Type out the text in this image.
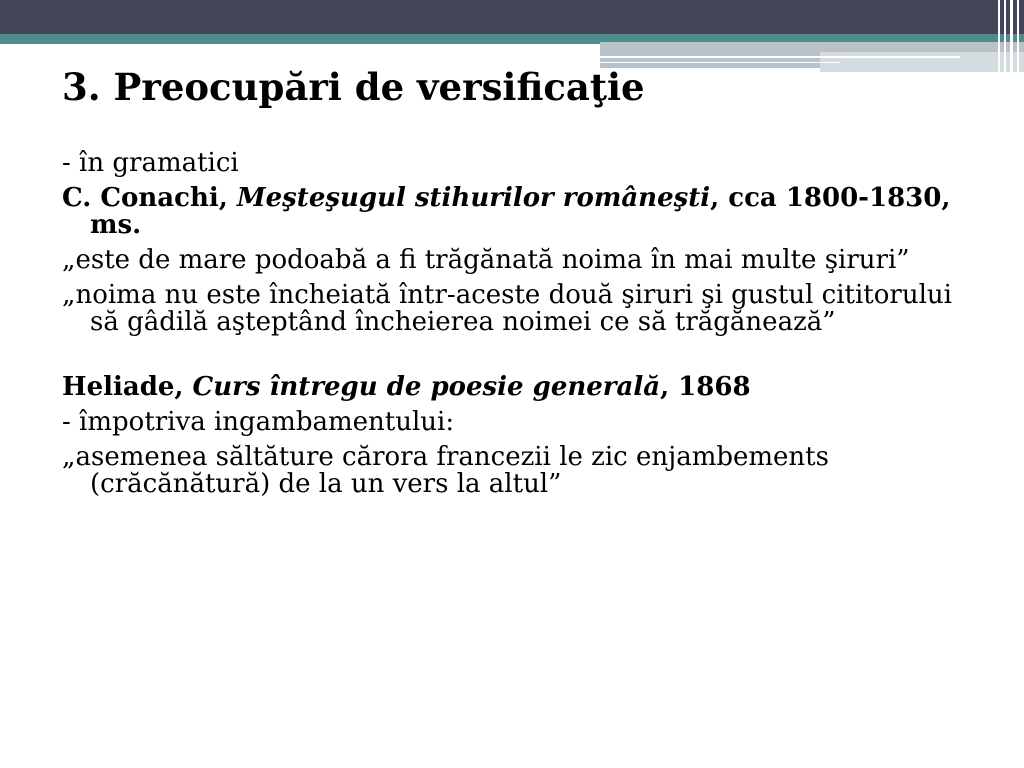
3. Preocupări de versificaţie

- în gramatici

C. Conachi, Meşteşugul stihurilor româneşti, cca 1800-1830, ms.

„este de mare podoabă a fi trăgănată noima în mai multe şiruri”

„noima nu este încheiată într-aceste două şiruri şi gustul cititorului să gâdilă aşteptând încheierea noimei ce să trăgănează”

Heliade, Curs întregu de poesie generală, 1868

- împotriva ingambamentului:

„asemenea săltăture cărora francezii le zic enjambements (crăcănătură) de la un vers la altul”
